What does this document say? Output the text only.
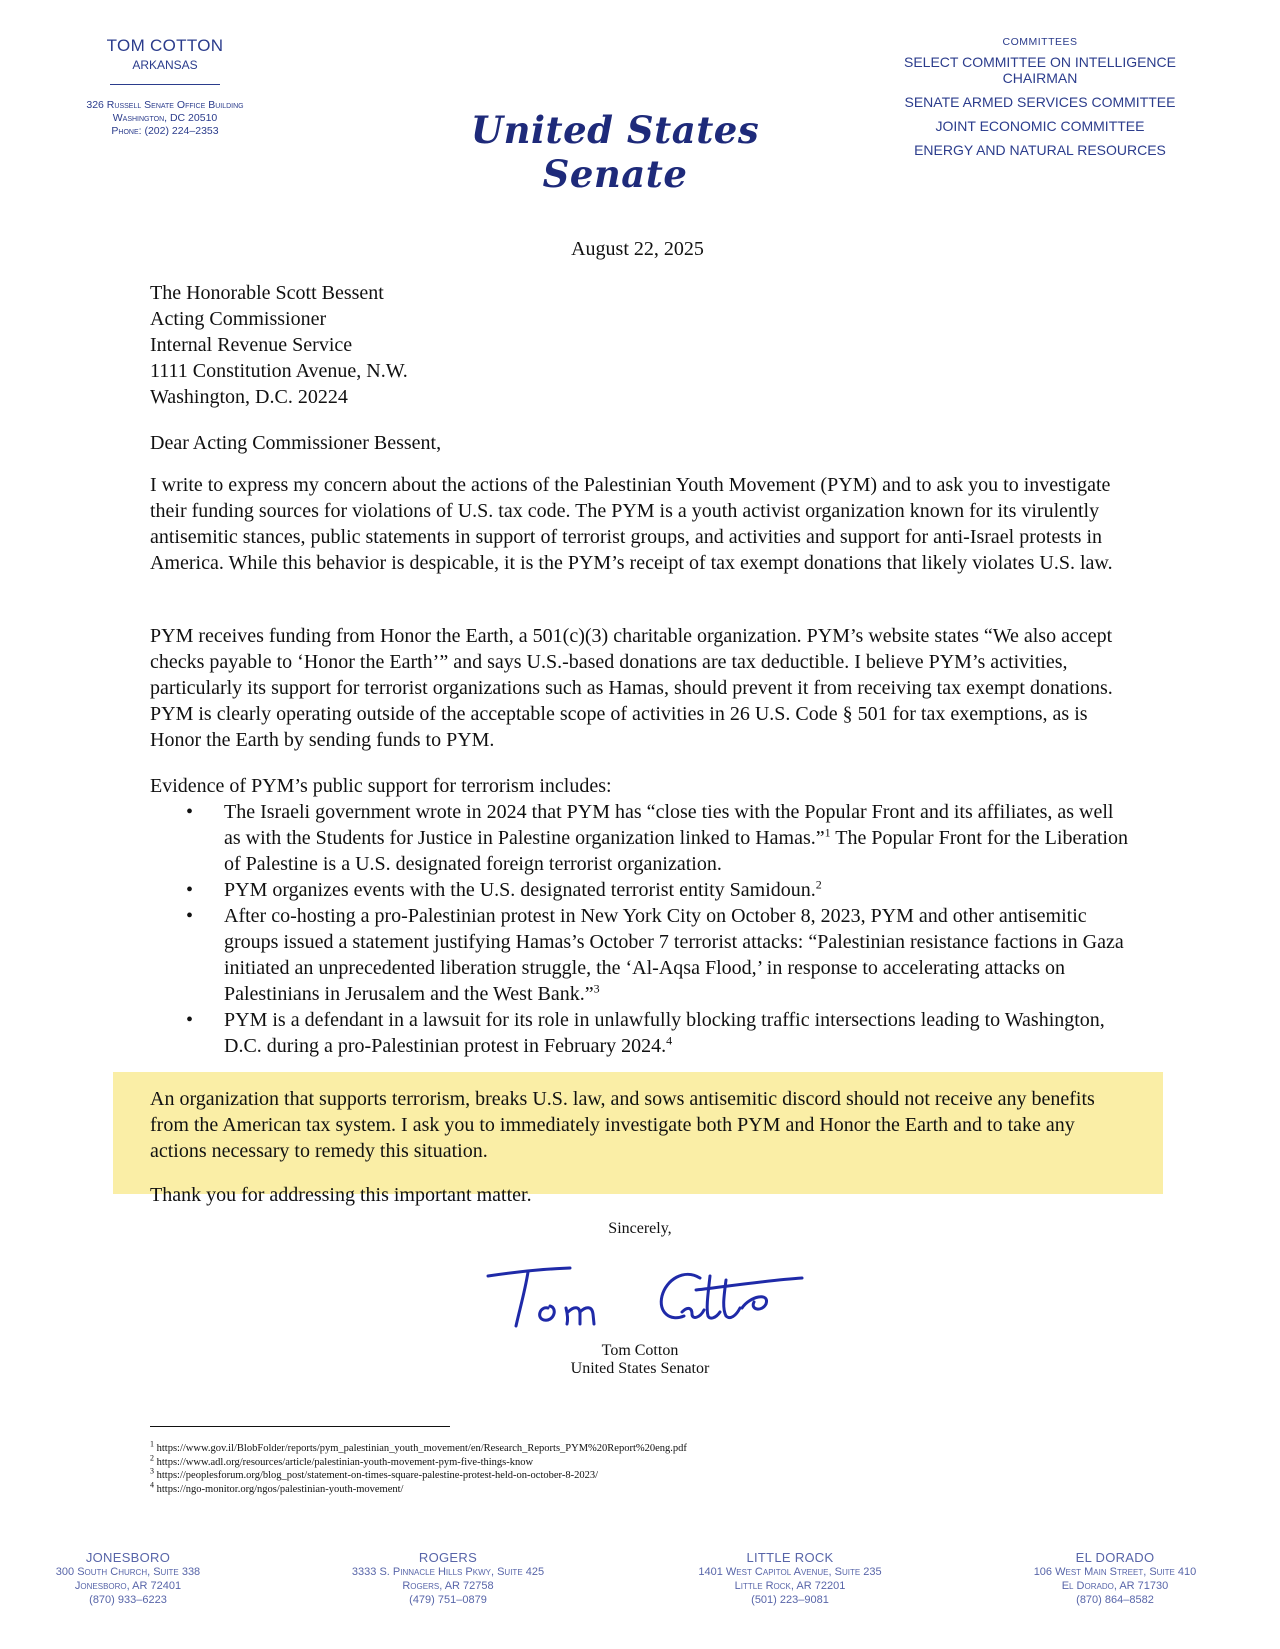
TOM COTTON
ARKANSAS
326 Russell Senate Office Building
Washington, DC 20510
Phone: (202) 224–2353	United States Senate
COMMITTEES
SELECT COMMITTEE ON INTELLIGENCE
CHAIRMAN
SENATE ARMED SERVICES COMMITTEE
JOINT ECONOMIC COMMITTEE
ENERGY AND NATURAL RESOURCES
August 22, 2025
The Honorable Scott Bessent
Acting Commissioner
Internal Revenue Service
1111 Constitution Avenue, N.W.
Washington, D.C. 20224
Dear Acting Commissioner Bessent,

I write to express my concern about the actions of the Palestinian Youth Movement (PYM) and to ask you to investigate their funding sources for violations of U.S. tax code. The PYM is a youth activist organization known for its virulently antisemitic stances, public statements in support of terrorist groups, and activities and support for anti-Israel protests in America. While this behavior is despicable, it is the PYM’s receipt of tax exempt donations that likely violates U.S. law.

PYM receives funding from Honor the Earth, a 501(c)(3) charitable organization. PYM’s website states “We also accept checks payable to ‘Honor the Earth’” and says U.S.-based donations are tax deductible. I believe PYM’s activities, particularly its support for terrorist organizations such as Hamas, should prevent it from receiving tax exempt donations. PYM is clearly operating outside of the acceptable scope of activities in 26 U.S. Code § 501 for tax exemptions, as is Honor the Earth by sending funds to PYM.

Evidence of PYM’s public support for terrorism includes:

• The Israeli government wrote in 2024 that PYM has “close ties with the Popular Front and its affiliates, as well as with the Students for Justice in Palestine organization linked to Hamas.”$^1$ The Popular Front for the Liberation of Palestine is a U.S. designated foreign terrorist organization.
• PYM organizes events with the U.S. designated terrorist entity Samidoun.$^2$
• After co-hosting a pro-Palestinian protest in New York City on October 8, 2023, PYM and other antisemitic groups issued a statement justifying Hamas’s October 7 terrorist attacks: “Palestinian resistance factions in Gaza initiated an unprecedented liberation struggle, the ‘Al-Aqsa Flood,’ in response to accelerating attacks on Palestinians in Jerusalem and the West Bank.”$^3$
• PYM is a defendant in a lawsuit for its role in unlawfully blocking traffic intersections leading to Washington, D.C. during a pro-Palestinian protest in February 2024.$^4$

An organization that supports terrorism, breaks U.S. law, and sows antisemitic discord should not receive any benefits from the American tax system. I ask you to immediately investigate both PYM and Honor the Earth and to take any actions necessary to remedy this situation.

Thank you for addressing this important matter.

Sincerely,

Tom Cotton

United States Senator

$^1$ https://www.gov.il/BlobFolder/reports/pym_palestinian_youth_movement/en/Research_Reports_PYM%20Report%20eng.pdf
$^2$ https://www.adl.org/resources/article/palestinian-youth-movement-pym-five-things-know
$^3$ https://peoplesforum.org/blog_post/statement-on-times-square-palestine-protest-held-on-october-8-2023/
$^4$ https://ngo-monitor.org/ngos/palestinian-youth-movement/
JONESBORO
300 South Church, Suite 338
Jonesboro, AR 72401
(870) 933–6223
ROGERS
3333 S. Pinnacle Hills Pkwy, Suite 425
Rogers, AR 72758
(479) 751–0879
LITTLE ROCK
1401 West Capitol Avenue, Suite 235
Little Rock, AR 72201
(501) 223–9081
EL DORADO
106 West Main Street, Suite 410
El Dorado, AR 71730
(870) 864–8582
